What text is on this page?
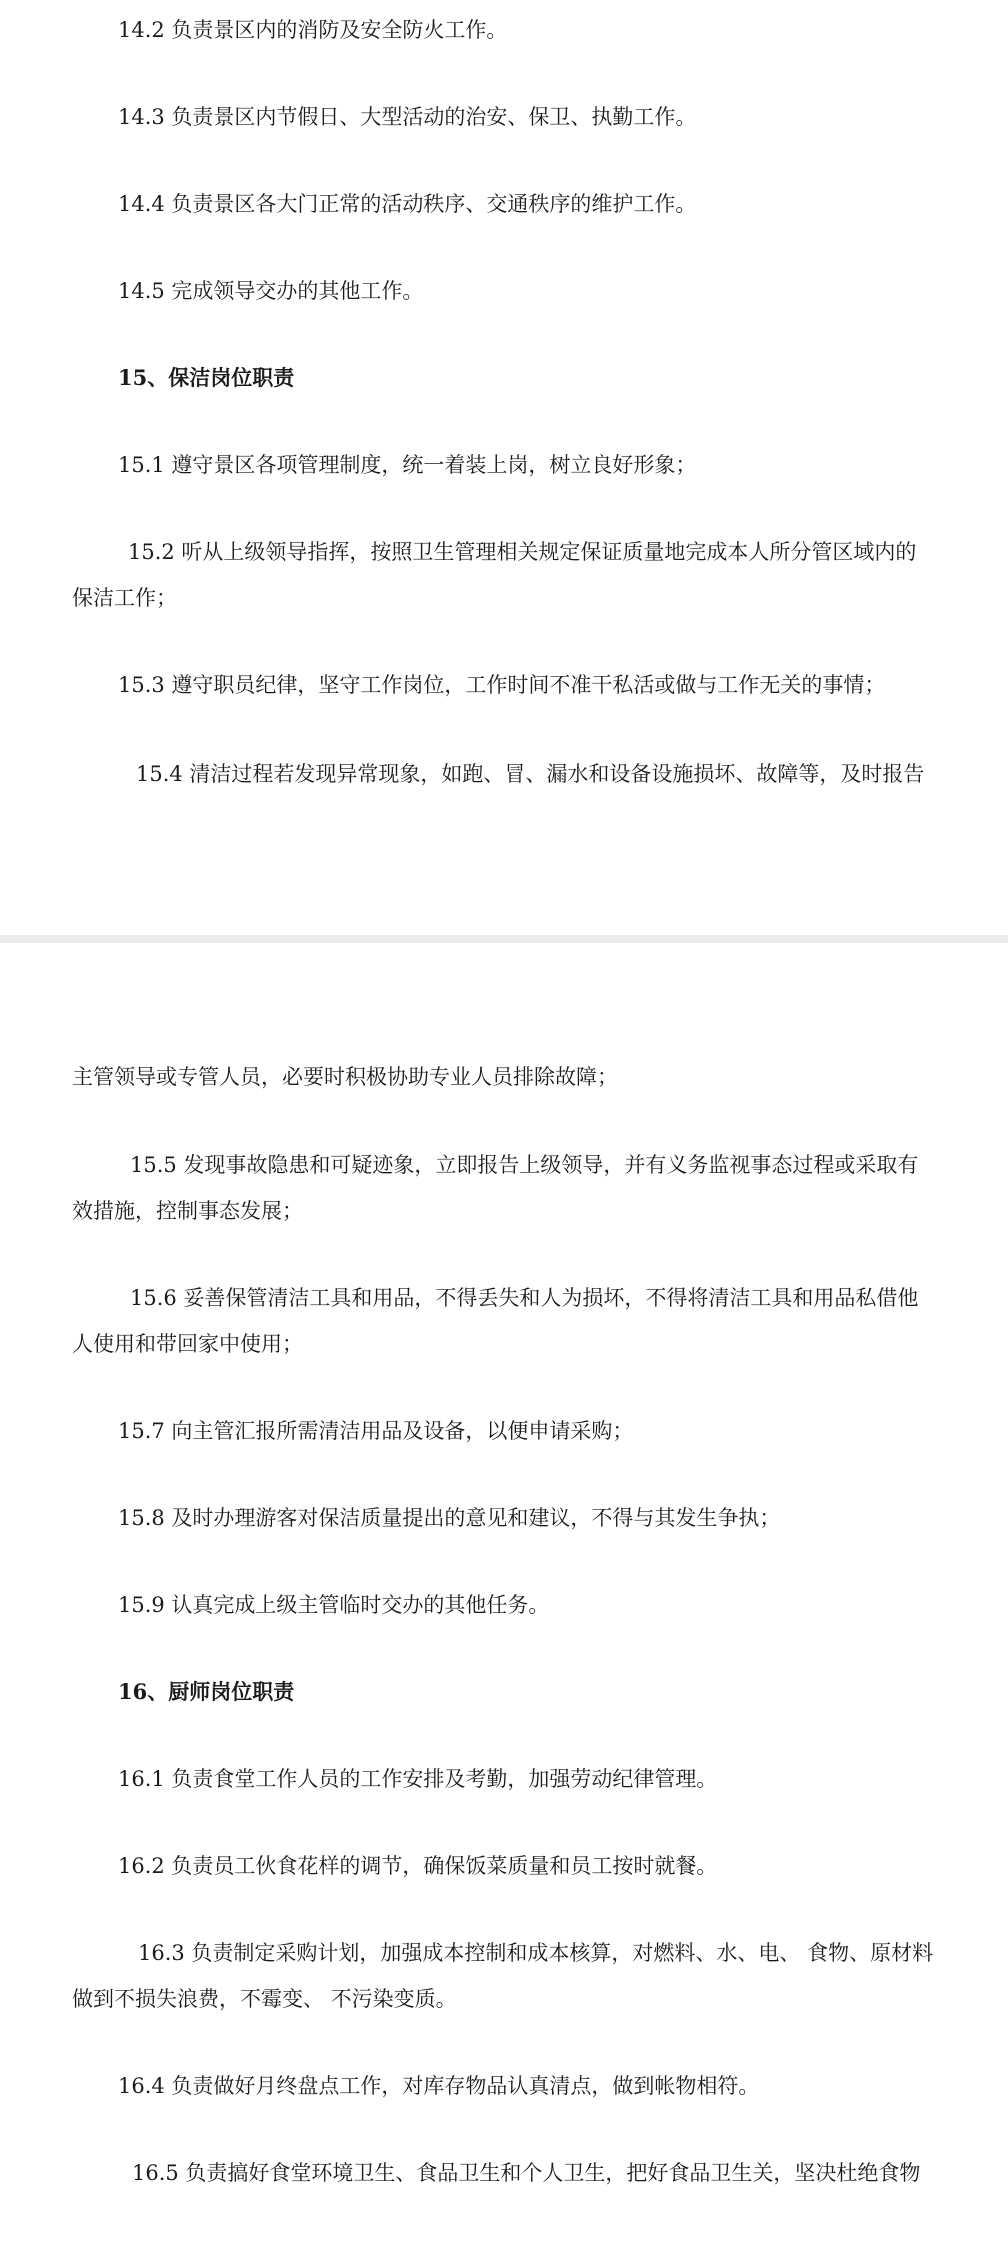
14.2 负责景区内的消防及安全防火工作。
14.3 负责景区内节假日、大型活动的治安、保卫、执勤工作。
14.4 负责景区各大门正常的活动秩序、交通秩序的维护工作。
14.5 完成领导交办的其他工作。
15、保洁岗位职责
15.1 遵守景区各项管理制度，统一着装上岗，树立良好形象；
15.2 听从上级领导指挥，按照卫生管理相关规定保证质量地完成本人所分管区域内的
保洁工作；
15.3 遵守职员纪律，坚守工作岗位，工作时间不准干私活或做与工作无关的事情；
15.4 清洁过程若发现异常现象，如跑、冒、漏水和设备设施损坏、故障等，及时报告
主管领导或专管人员，必要时积极协助专业人员排除故障；
15.5 发现事故隐患和可疑迹象，立即报告上级领导，并有义务监视事态过程或采取有
效措施，控制事态发展；
15.6 妥善保管清洁工具和用品，不得丢失和人为损坏，不得将清洁工具和用品私借他
人使用和带回家中使用；
15.7 向主管汇报所需清洁用品及设备，以便申请采购；
15.8 及时办理游客对保洁质量提出的意见和建议，不得与其发生争执；
15.9 认真完成上级主管临时交办的其他任务。
16、厨师岗位职责
16.1 负责食堂工作人员的工作安排及考勤，加强劳动纪律管理。
16.2 负责员工伙食花样的调节，确保饭菜质量和员工按时就餐。
16.3 负责制定采购计划，加强成本控制和成本核算，对燃料、水、电、 食物、原材料
做到不损失浪费，不霉变、 不污染变质。
16.4 负责做好月终盘点工作，对库存物品认真清点，做到帐物相符。
16.5 负责搞好食堂环境卫生、食品卫生和个人卫生，把好食品卫生关，坚决杜绝食物
